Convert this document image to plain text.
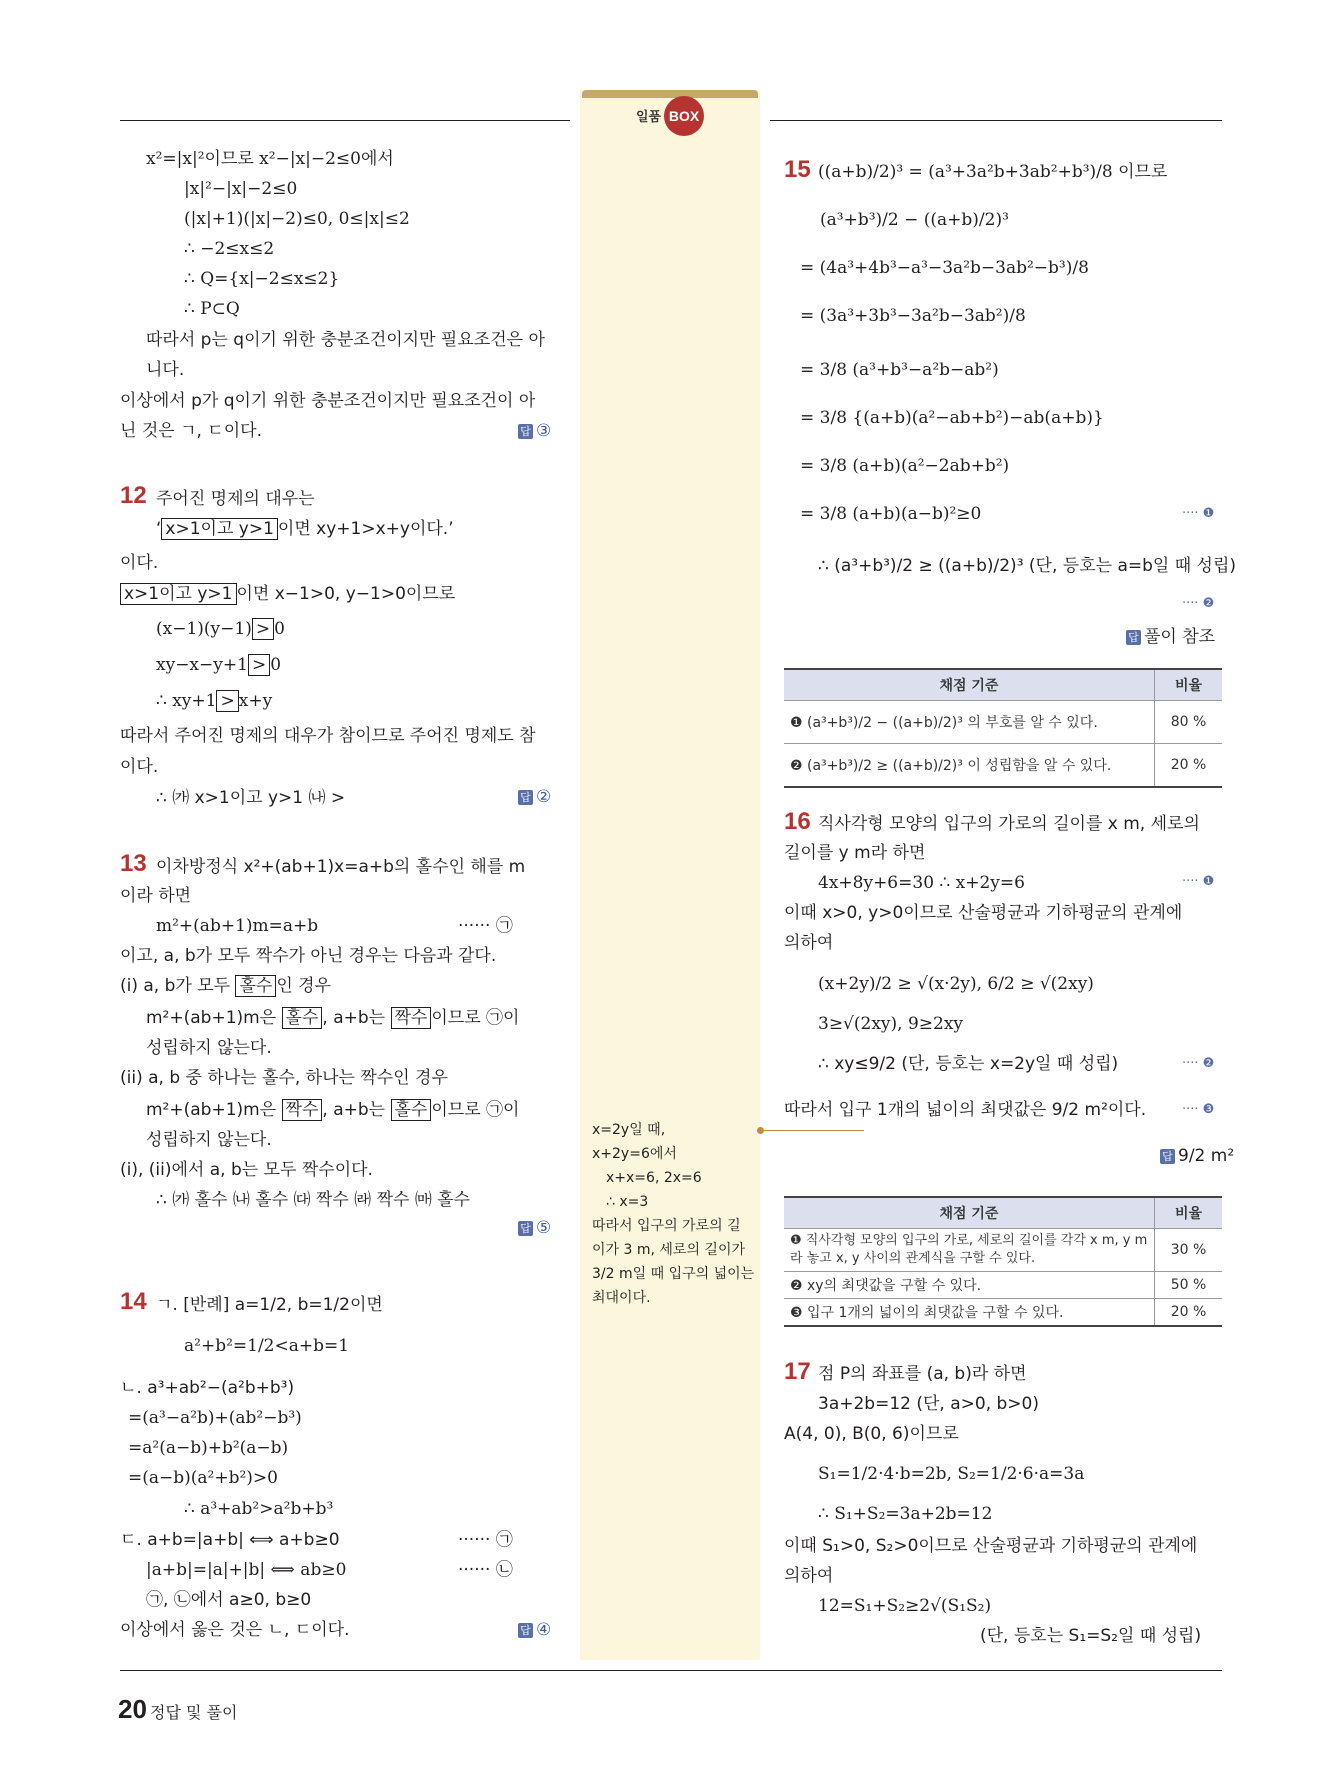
일품 BOX
x²=|x|²이므로 x²−|x|−2≤0에서
|x|²−|x|−2≤0
(|x|+1)(|x|−2)≤0, 0≤|x|≤2
∴ −2≤x≤2
∴ Q={x|−2≤x≤2}
∴ P⊂Q
따라서 p는 q이기 위한 충분조건이지만 필요조건은 아
니다.
이상에서 p가 q이기 위한 충분조건이지만 필요조건이 아
닌 것은 ㄱ, ㄷ이다.	답 ③
12 주어진 명제의 대우는
‘ x>1이고 y>1 이면 xy+1>x+y이다.’
이다.
x>1이고 y>1 이면 x−1>0, y−1>0이므로
(x−1)(y−1) > 0
xy−x−y+1 > 0
∴ xy+1 > x+y
따라서 주어진 명제의 대우가 참이므로 주어진 명제도 참
이다.
∴ ㈎ x>1이고 y>1 ㈏ >	답 ②
13 이차방정식 x²+(ab+1)x=a+b의 홀수인 해를 m
이라 하면
m²+(ab+1)m=a+b	······ ㉠
이고, a, b가 모두 짝수가 아닌 경우는 다음과 같다.
(i) a, b가 모두 홀수 인 경우
m²+(ab+1)m은 홀수 , a+b는 짝수 이므로 ㉠이
성립하지 않는다.
(ii) a, b 중 하나는 홀수, 하나는 짝수인 경우
m²+(ab+1)m은 짝수 , a+b는 홀수 이므로 ㉠이
성립하지 않는다.
(i), (ii)에서 a, b는 모두 짝수이다.
∴ ㈎ 홀수 ㈏ 홀수 ㈐ 짝수 ㈑ 짝수 ㈒ 홀수
답 ⑤
14 ㄱ. [반례] a=1/2, b=1/2이면
a²+b²=1/2<a+b=1
ㄴ. a³+ab²−(a²b+b³)
=(a³−a²b)+(ab²−b³)
=a²(a−b)+b²(a−b)
=(a−b)(a²+b²)>0
∴ a³+ab²>a²b+b³
ㄷ. a+b=|a+b| ⟺ a+b≥0	······ ㉠
|a+b|=|a|+|b| ⟺ ab≥0	······ ㉡
㉠, ㉡에서 a≥0, b≥0
이상에서 옳은 것은 ㄴ, ㄷ이다.	답 ④
x=2y일 때,
x+2y=6에서
x+x=6, 2x=6
∴ x=3
따라서 입구의 가로의 길
이가 3 m, 세로의 길이가
3/2 m일 때 입구의 넓이는
최대이다.
15 ((a+b)/2)³ = (a³+3a²b+3ab²+b³)/8 이므로
(a³+b³)/2 − ((a+b)/2)³
= (4a³+4b³−a³−3a²b−3ab²−b³)/8
= (3a³+3b³−3a²b−3ab²)/8
= 3/8 (a³+b³−a²b−ab²)
= 3/8 {(a+b)(a²−ab+b²)−ab(a+b)}
= 3/8 (a+b)(a²−2ab+b²)
= 3/8 (a+b)(a−b)²≥0	···· ❶
∴ (a³+b³)/2 ≥ ((a+b)/2)³ (단, 등호는 a=b일 때 성립)
···· ❷
답 풀이 참조
채점 기준	비율
❶ (a³+b³)/2 − ((a+b)/2)³ 의 부호를 알 수 있다.	80 %
❷ (a³+b³)/2 ≥ ((a+b)/2)³ 이 성립함을 알 수 있다.	20 %
16 직사각형 모양의 입구의 가로의 길이를 x m, 세로의
길이를 y m라 하면
4x+8y+6=30 ∴ x+2y=6	···· ❶
이때 x>0, y>0이므로 산술평균과 기하평균의 관계에
의하여
(x+2y)/2 ≥ √(x·2y), 6/2 ≥ √(2xy)
3≥√(2xy), 9≥2xy
∴ xy≤9/2 (단, 등호는 x=2y일 때 성립)	···· ❷
따라서 입구 1개의 넓이의 최댓값은 9/2 m²이다.	···· ❸
답 9/2 m²
채점 기준	비율
❶ 직사각형 모양의 입구의 가로, 세로의 길이를 각각 x m, y m라 놓고 x, y 사이의 관계식을 구할 수 있다.	30 %
❷ xy의 최댓값을 구할 수 있다.	50 %
❸ 입구 1개의 넓이의 최댓값을 구할 수 있다.	20 %
17 점 P의 좌표를 (a, b)라 하면
3a+2b=12 (단, a>0, b>0)
A(4, 0), B(0, 6)이므로
S₁=1/2·4·b=2b, S₂=1/2·6·a=3a
∴ S₁+S₂=3a+2b=12
이때 S₁>0, S₂>0이므로 산술평균과 기하평균의 관계에
의하여
12=S₁+S₂≥2√(S₁S₂)
(단, 등호는 S₁=S₂일 때 성립)
20 정답 및 풀이
